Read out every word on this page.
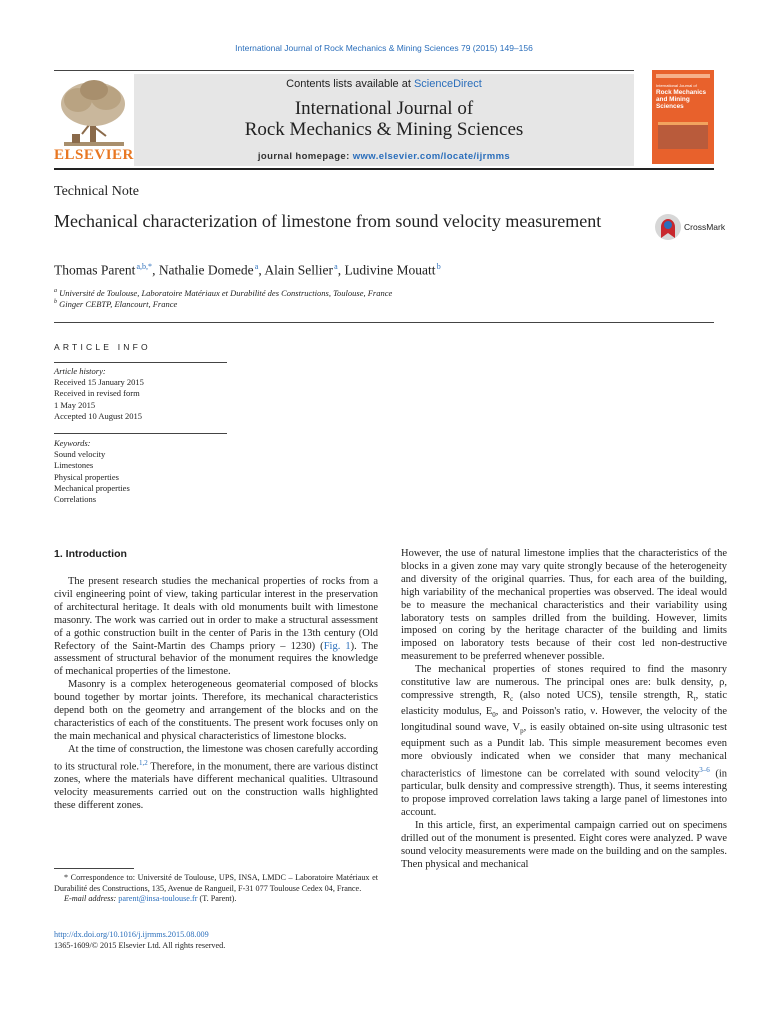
International Journal of Rock Mechanics & Mining Sciences 79 (2015) 149–156
ELSEVIER
Contents lists available at ScienceDirect
International Journal of
Rock Mechanics & Mining Sciences
journal homepage: www.elsevier.com/locate/ijrmms
International Journal of
Rock Mechanics and Mining Sciences
Technical Note
Mechanical characterization of limestone from sound velocity measurement	CrossMark
Thomas Parent $^{a,b,*}$, Nathalie Domede $^a$, Alain Sellier $^a$, Ludivine Mouatt $^b$
$^a$ Université de Toulouse, Laboratoire Matériaux et Durabilité des Constructions, Toulouse, France
$^b$ Ginger CEBTP, Elancourt, France
ARTICLE INFO
Article history:
Received 15 January 2015
Received in revised form
1 May 2015
Accepted 10 August 2015
Keywords:
Sound velocity
Limestones
Physical properties
Mechanical properties
Correlations
1. Introduction

The present research studies the mechanical properties of rocks from a civil engineering point of view, taking particular interest in the preservation of architectural heritage. It deals with old monuments built with limestone masonry. The work was carried out in order to make a structural assessment of a gothic construction built in the center of Paris in the 13th century (Old Refectory of the Saint-Martin des Champs priory – 1230) (Fig. 1). The assessment of structural behavior of the monument requires the knowledge of mechanical properties of the limestone.

Masonry is a complex heterogeneous geomaterial composed of blocks bound together by mortar joints. Therefore, its mechanical characteristics depend both on the geometry and arrangement of the blocks and on the characteristics of each of the constituents. The present work focuses only on the main mechanical and physical characteristics of limestone blocks.

At the time of construction, the limestone was chosen carefully according to its structural role.$^{1,2}$ Therefore, in the monument, there are various distinct zones, where the materials have different mechanical qualities. Ultrasound velocity measurements carried out on the construction walls highlighted these different zones.

However, the use of natural limestone implies that the characteristics of the blocks in a given zone may vary quite strongly because of the heterogeneity and diversity of the original quarries. Thus, for each area of the building, high variability of the mechanical properties was observed. The ideal would be to measure the mechanical characteristics and their variability using laboratory tests on samples drilled from the building. However, limits imposed on coring by the heritage character of the building and limits imposed on laboratory tests because of their cost led non-destructive measurement to be preferred whenever possible.

The mechanical properties of stones required to find the masonry constitutive law are numerous. The principal ones are: bulk density, ρ, compressive strength, $R_c$ (also noted UCS), tensile strength, $R_t$, static elasticity modulus, $E_0$, and Poisson's ratio, ν. However, the velocity of the longitudinal sound wave, $V_p$, is easily obtained on-site using ultrasonic test equipment such as a Pundit lab. This simple measurement becomes even more obviously indicated when we consider that many mechanical characteristics of limestone can be correlated with sound velocity$^{3-6}$ (in particular, bulk density and compressive strength). Thus, it seems interesting to propose improved correlation laws taking a large panel of limestones into account.

In this article, first, an experimental campaign carried out on specimens drilled out of the monument is presented. Eight cores were analyzed. P wave sound velocity measurements were made on the building and on the samples. Then physical and mechanical

* Correspondence to: Université de Toulouse, UPS, INSA, LMDC – Laboratoire Matériaux et Durabilité des Constructions, 135, Avenue de Rangueil, F-31 077 Toulouse Cedex 04, France.
E-mail address: parent@insa-toulouse.fr (T. Parent).
http://dx.doi.org/10.1016/j.ijrmms.2015.08.009
1365-1609/© 2015 Elsevier Ltd. All rights reserved.
